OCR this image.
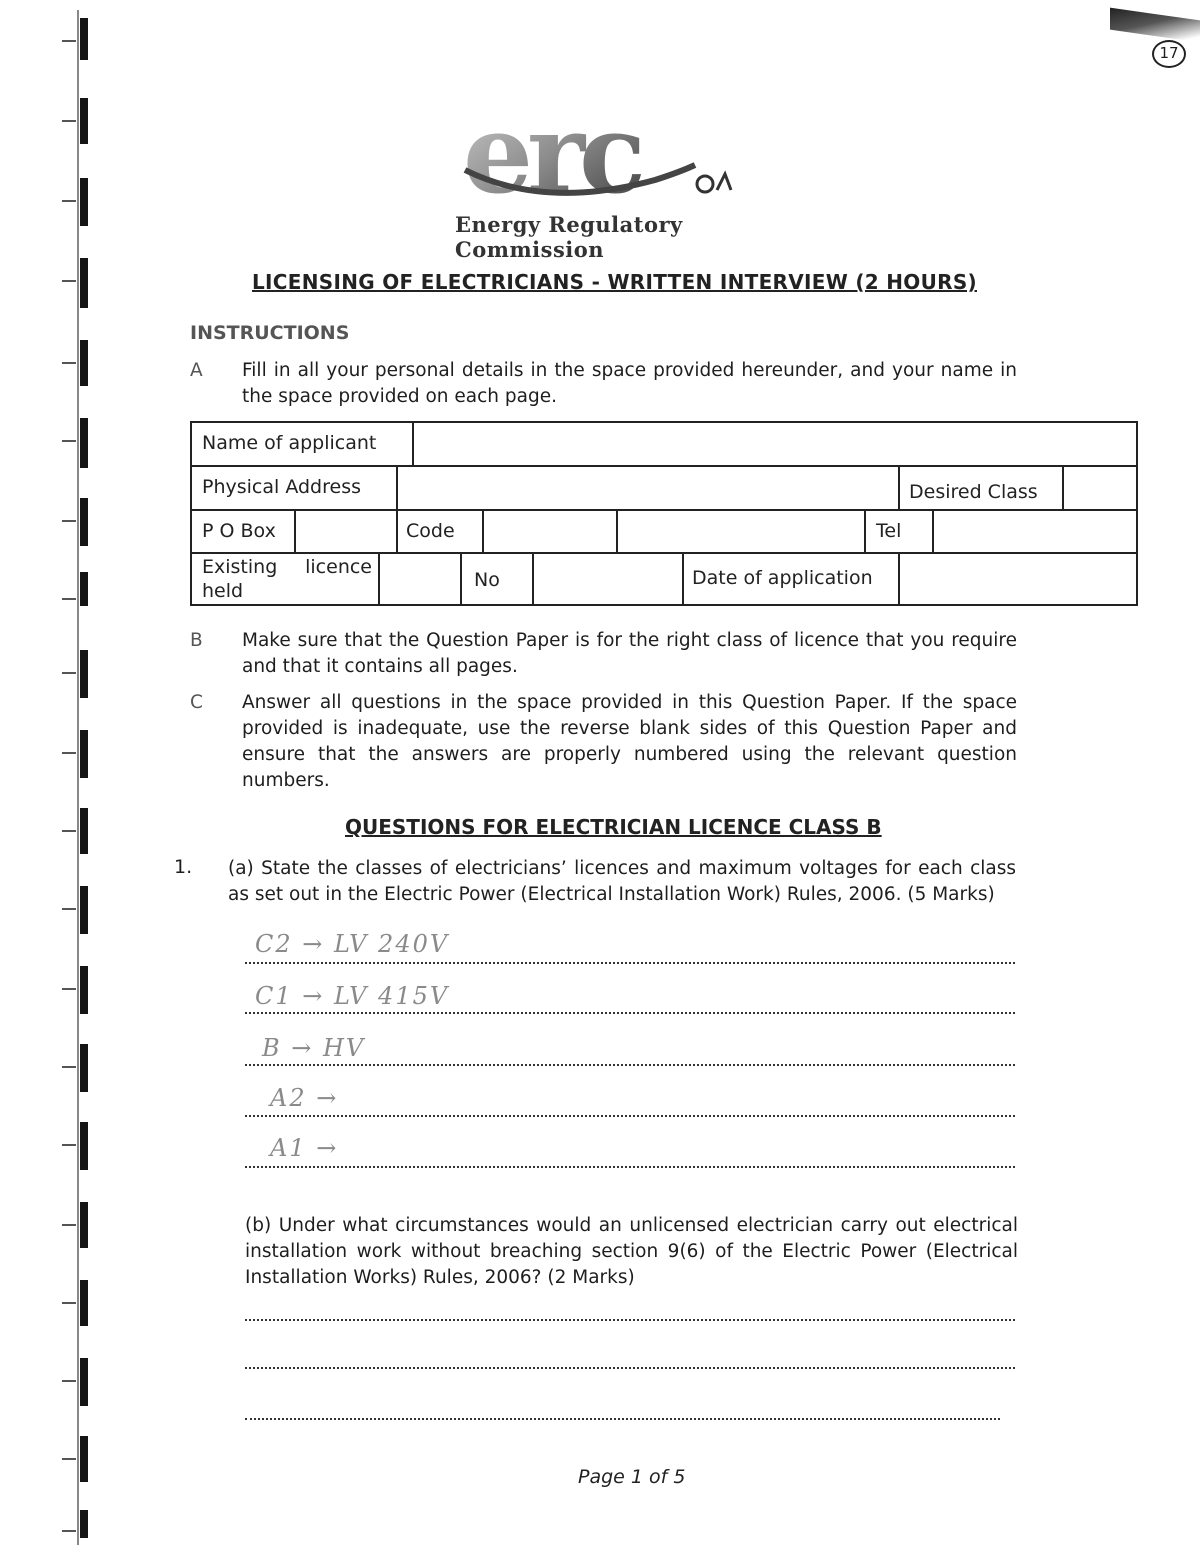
17
erc
Energy Regulatory Commission
LICENSING OF ELECTRICIANS - WRITTEN INTERVIEW (2 HOURS)
INSTRUCTIONS
A Fill in all your personal details in the space provided hereunder, and your name in the space provided on each page.
Name of applicant
Physical Address	Desired Class
P O Box	Code	Tel
Existing licence held	No	Date of application
B Make sure that the Question Paper is for the right class of licence that you require and that it contains all pages.
C Answer all questions in the space provided in this Question Paper. If the space provided is inadequate, use the reverse blank sides of this Question Paper and ensure that the answers are properly numbered using the relevant question numbers.
QUESTIONS FOR ELECTRICIAN LICENCE CLASS B
1. (a) State the classes of electricians’ licences and maximum voltages for each class as set out in the Electric Power (Electrical Installation Work) Rules, 2006. (5 Marks)
C2 → LV 240V
C1 → LV 415V
B → HV
A2 →
A1 →
(b) Under what circumstances would an unlicensed electrician carry out electrical installation work without breaching section 9(6) of the Electric Power (Electrical Installation Works) Rules, 2006? (2 Marks)
Page 1 of 5
